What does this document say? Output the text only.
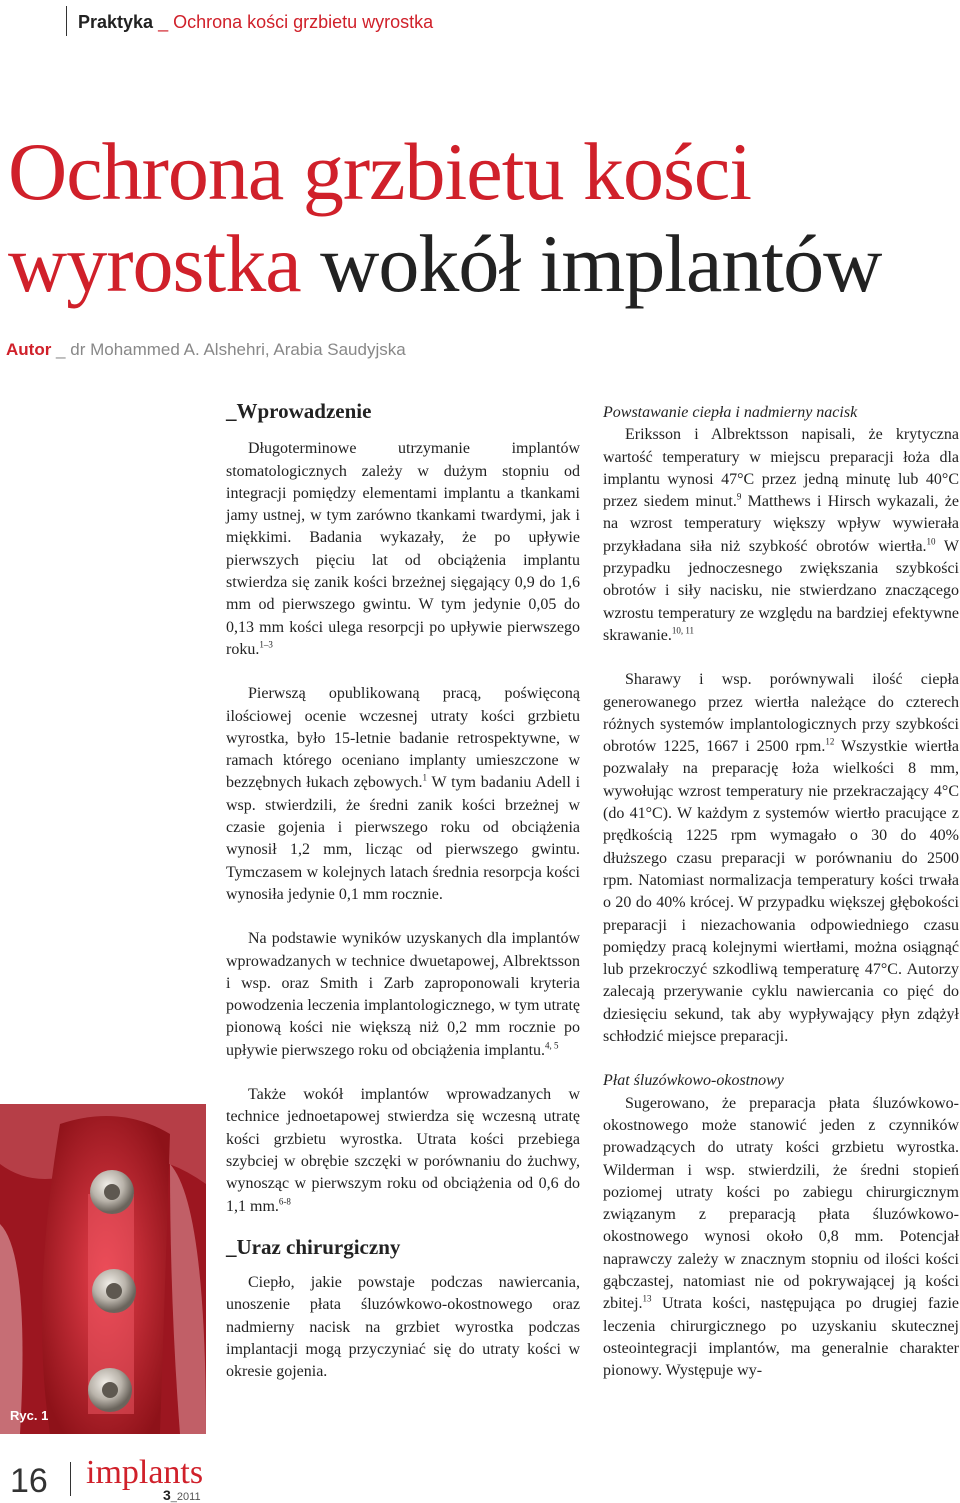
Praktyka _ Ochrona kości grzbietu wyrostka
Ochrona grzbietu kości
wyrostka wokół implantów
Autor _ dr Mohammed A. Alshehri, Arabia Saudyjska
_Wprowadzenie

Długoterminowe utrzymanie implantów stomatologicznych zależy w dużym stopniu od integracji pomiędzy elementami implantu a tkankami jamy ustnej, w tym zarówno tkankami twardymi, jak i miękkimi. Badania wykazały, że po upływie pierwszych pięciu lat od obciążenia implantu stwierdza się zanik kości brzeżnej sięgający 0,9 do 1,6 mm od pierwszego gwintu. W tym jedynie 0,05 do 0,13 mm kości ulega resorpcji po upływie pierwszego roku.$^{1-3}$

Pierwszą opublikowaną pracą, poświęconą ilościowej ocenie wczesnej utraty kości grzbietu wyrostka, było 15-letnie badanie retrospektywne, w ramach którego oceniano implanty umieszczone w bezzębnych łukach zębowych.$^1$ W tym badaniu Adell i wsp. stwierdzili, że średni zanik kości brzeżnej w czasie gojenia i pierwszego roku od obciążenia wynosił 1,2 mm, licząc od pierwszego gwintu. Tymczasem w kolejnych latach średnia resorpcja kości wynosiła jedynie 0,1 mm rocznie.

Na podstawie wyników uzyskanych dla implantów wprowadzanych w technice dwuetapowej, Albrektsson i wsp. oraz Smith i Zarb zaproponowali kryteria powodzenia leczenia implantologicznego, w tym utratę pionową kości nie większą niż 0,2 mm rocznie po upływie pierwszego roku od obciążenia implantu.$^{4, 5}$

Także wokół implantów wprowadzanych w technice jednoetapowej stwierdza się wczesną utratę kości grzbietu wyrostka. Utrata kości przebiega szybciej w obrębie szczęki w porównaniu do żuchwy, wynosząc w pierwszym roku od obciążenia od 0,6 do 1,1 mm.$^{6-8}$

_Uraz chirurgiczny

Ciepło, jakie powstaje podczas nawiercania, unoszenie płata śluzówkowo-okostnowego oraz nadmierny nacisk na grzbiet wyrostka podczas implantacji mogą przyczyniać się do utraty kości w okresie gojenia.

Powstawanie ciepła i nadmierny nacisk

Eriksson i Albrektsson napisali, że krytyczna wartość temperatury w miejscu preparacji łoża dla implantu wynosi 47°C przez jedną minutę lub 40°C przez siedem minut.$^9$ Matthews i Hirsch wykazali, że na wzrost temperatury większy wpływ wywierała przykładana siła niż szybkość obrotów wiertła.$^{10}$ W przypadku jednoczesnego zwiększania szybkości obrotów i siły nacisku, nie stwierdzano znaczącego wzrostu temperatury ze względu na bardziej efektywne skrawanie.$^{10, 11}$

Sharawy i wsp. porównywali ilość ciepła generowanego przez wiertła należące do czterech różnych systemów implantologicznych przy szybkości obrotów 1225, 1667 i 2500 rpm.$^{12}$ Wszystkie wiertła pozwalały na preparację łoża wielkości 8 mm, wywołując wzrost temperatury nie przekraczający 4°C (do 41°C). W każdym z systemów wiertło pracujące z prędkością 1225 rpm wymagało o 30 do 40% dłuższego czasu preparacji w porównaniu do 2500 rpm. Natomiast normalizacja temperatury kości trwała o 20 do 40% krócej. W przypadku większej głębokości preparacji i niezachowania odpowiedniego czasu pomiędzy pracą kolejnymi wiertłami, można osiągnąć lub przekroczyć szkodliwą temperaturę 47°C. Autorzy zalecają przerywanie cyklu nawiercania co pięć do dziesięciu sekund, tak aby wypływający płyn zdążył schłodzić miejsce preparacji.

Płat śluzówkowo-okostnowy

Sugerowano, że preparacja płata śluzówkowo-okostnowego może stanowić jeden z czynników prowadzących do utraty kości grzbietu wyrostka. Wilderman i wsp. stwierdzili, że średni stopień poziomej utraty kości po zabiegu chirurgicznym związanym z preparacją płata śluzówkowo-okostnowego wynosi około 0,8 mm. Potencjał naprawczy zależy w znacznym stopniu od ilości kości gąbczastej, natomiast nie od pokrywającej ją kości zbitej.$^{13}$ Utrata kości, następująca po drugiej fazie leczenia chirurgicznego po uzyskaniu skutecznej osteointegracji implantów, ma generalnie charakter pionowy. Występuje wy-

Ryc. 1
16 implants
3_2011
